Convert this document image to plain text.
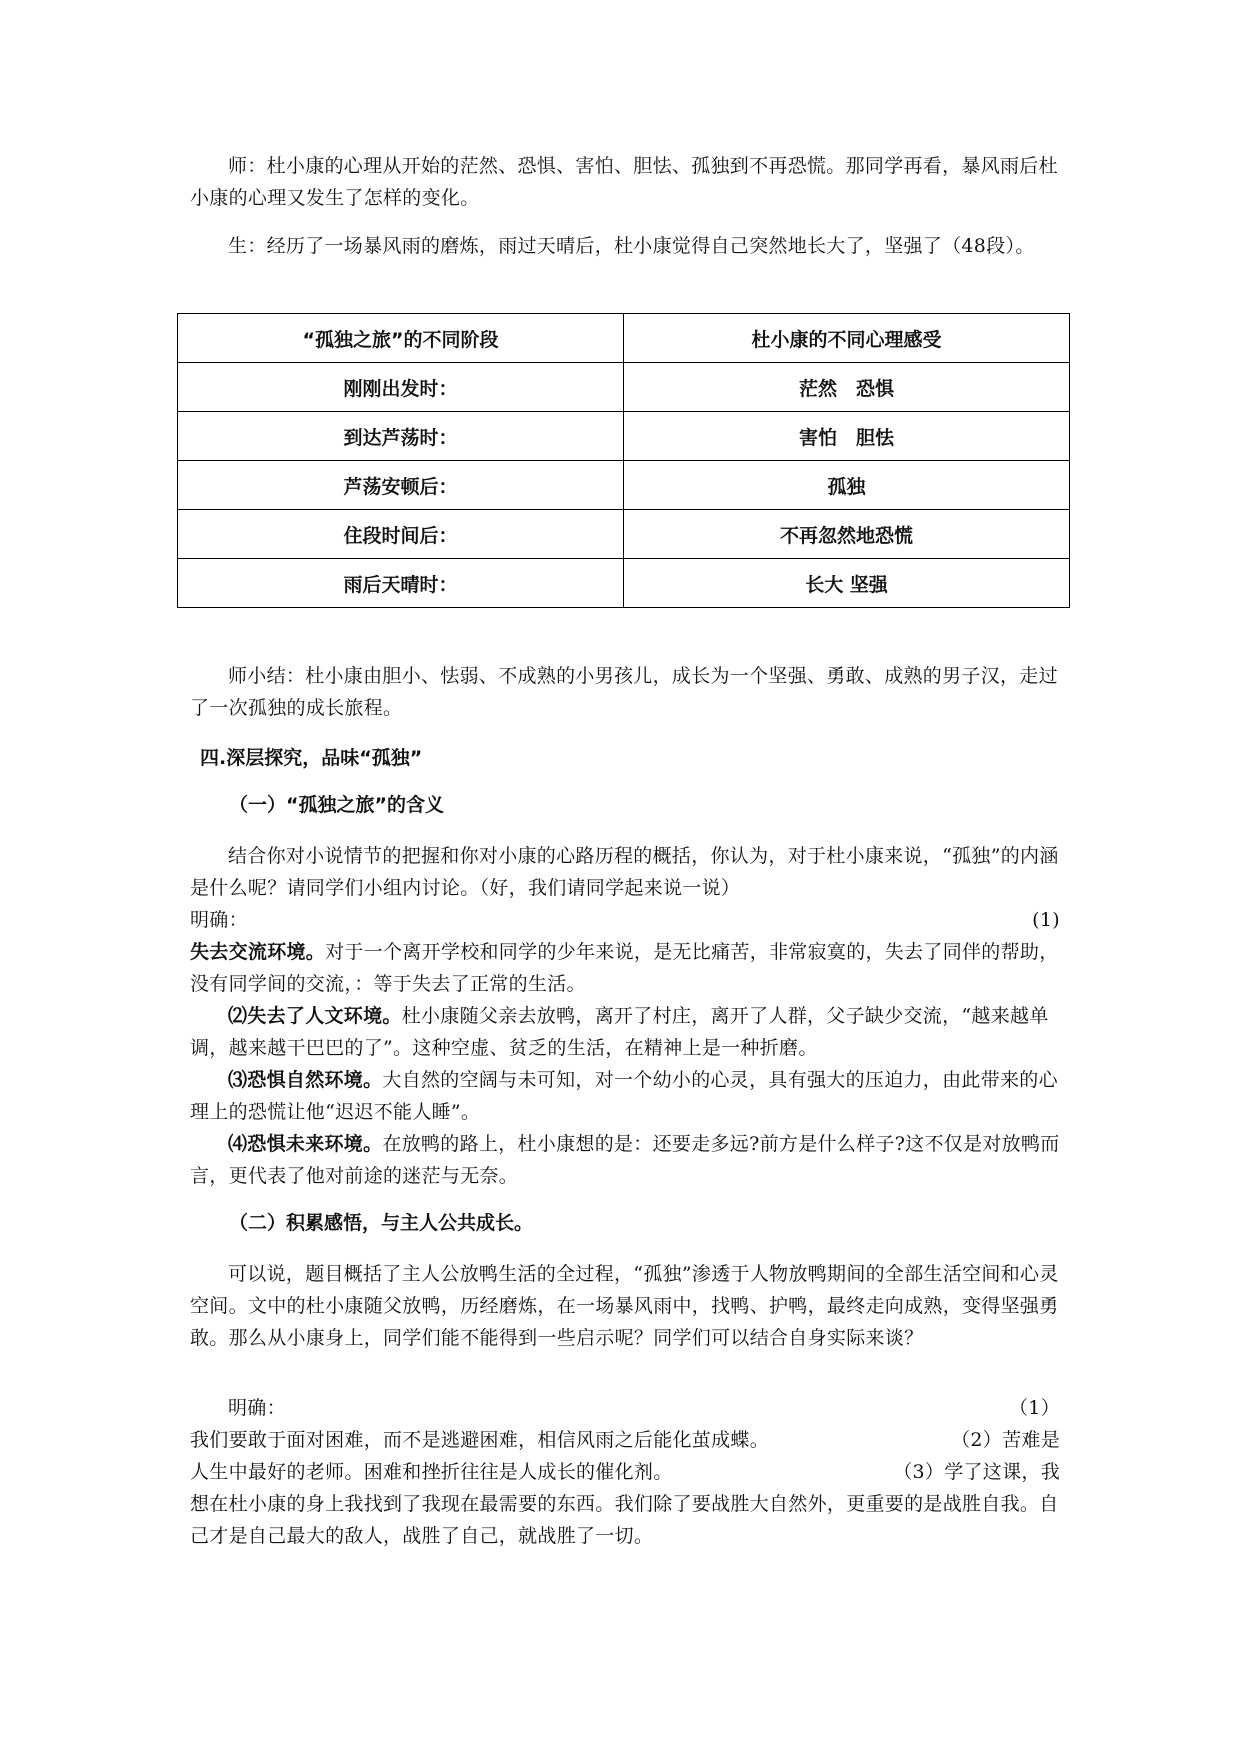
师：杜小康的心理从开始的茫然、恐惧、害怕、胆怯、孤独到不再恐慌。那同学再看，暴风雨后杜小康的心理又发生了怎样的变化。

生：经历了一场暴风雨的磨炼，雨过天晴后，杜小康觉得自己突然地长大了，坚强了（48段）。

“孤独之旅”的不同阶段	杜小康的不同心理感受
刚刚出发时：	茫然　恐惧
到达芦荡时：	害怕　胆怯
芦荡安顿后：	孤独
住段时间后：	不再忽然地恐慌
雨后天晴时：	长大 坚强

师小结：杜小康由胆小、怯弱、不成熟的小男孩儿，成长为一个坚强、勇敢、成熟的男子汉，走过了一次孤独的成长旅程。

四.深层探究，品味“孤独”
（一）“孤独之旅”的含义

结合你对小说情节的把握和你对小康的心路历程的概括，你认为，对于杜小康来说，“孤独”的内涵是什么呢？请同学们小组内讨论。（好，我们请同学起来说一说）

明确：	(1)

失去交流环境。对于一个离开学校和同学的少年来说，是无比痛苦，非常寂寞的，失去了同伴的帮助，没有同学间的交流，：等于失去了正常的生活。

⑵失去了人文环境。杜小康随父亲去放鸭，离开了村庄，离开了人群，父子缺少交流，“越来越单调，越来越干巴巴的了”。这种空虚、贫乏的生活，在精神上是一种折磨。

⑶恐惧自然环境。大自然的空阔与未可知，对一个幼小的心灵，具有强大的压迫力，由此带来的心理上的恐慌让他“迟迟不能人睡”。

⑷恐惧未来环境。在放鸭的路上，杜小康想的是：还要走多远?前方是什么样子?这不仅是对放鸭而言，更代表了他对前途的迷茫与无奈。

（二）积累感悟，与主人公共成长。

可以说，题目概括了主人公放鸭生活的全过程，“孤独”渗透于人物放鸭期间的全部生活空间和心灵空间。文中的杜小康随父放鸭，历经磨炼，在一场暴风雨中，找鸭、护鸭，最终走向成熟，变得坚强勇敢。那么从小康身上，同学们能不能得到一些启示呢？同学们可以结合自身实际来谈？

明确：	（1）
我们要敢于面对困难，而不是逃避困难，相信风雨之后能化茧成蝶。	（2）苦难是
人生中最好的老师。困难和挫折往往是人成长的催化剂。	（3）学了这课，我

想在杜小康的身上我找到了我现在最需要的东西。我们除了要战胜大自然外，更重要的是战胜自我。自己才是自己最大的敌人，战胜了自己，就战胜了一切。
